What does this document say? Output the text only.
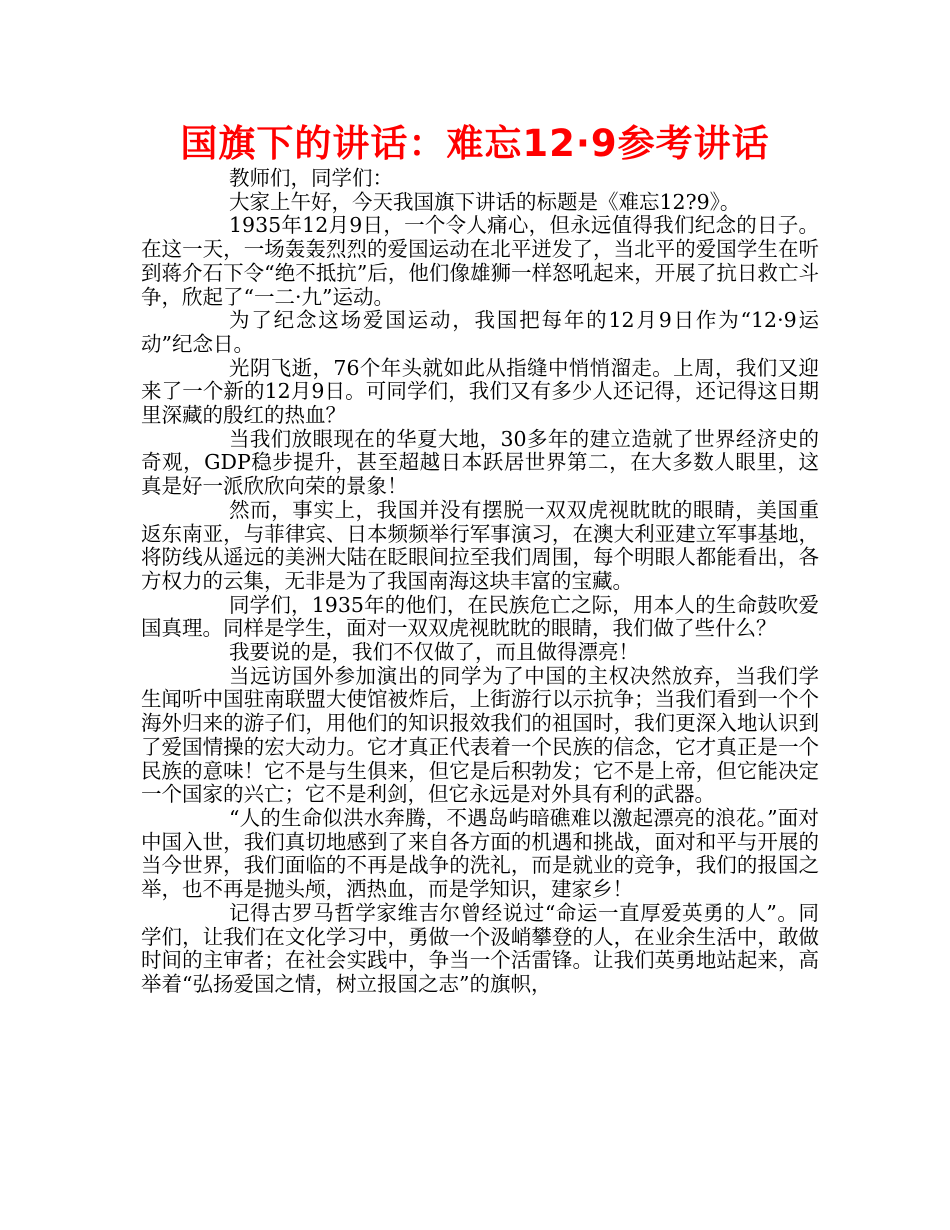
国旗下的讲话：难忘12·9参考讲话

教师们，同学们：

大家上午好，今天我国旗下讲话的标题是《难忘12?9》。

1935年12月9日，一个令人痛心，但永远值得我们纪念的日子。在这一天，一场轰轰烈烈的爱国运动在北平迸发了，当北平的爱国学生在听到蒋介石下令“绝不抵抗”后，他们像雄狮一样怒吼起来，开展了抗日救亡斗争，欣起了“一二·九”运动。

为了纪念这场爱国运动，我国把每年的12月9日作为“12·9运动”纪念日。

光阴飞逝，76个年头就如此从指缝中悄悄溜走。上周，我们又迎来了一个新的12月9日。可同学们，我们又有多少人还记得，还记得这日期里深藏的殷红的热血？

当我们放眼现在的华夏大地，30多年的建立造就了世界经济史的奇观，GDP稳步提升，甚至超越日本跃居世界第二，在大多数人眼里，这真是好一派欣欣向荣的景象！

然而，事实上，我国并没有摆脱一双双虎视眈眈的眼睛，美国重返东南亚，与菲律宾、日本频频举行军事演习，在澳大利亚建立军事基地，将防线从遥远的美洲大陆在眨眼间拉至我们周围，每个明眼人都能看出，各方权力的云集，无非是为了我国南海这块丰富的宝藏。

同学们，1935年的他们，在民族危亡之际，用本人的生命鼓吹爱国真理。同样是学生，面对一双双虎视眈眈的眼睛，我们做了些什么？

我要说的是，我们不仅做了，而且做得漂亮！

当远访国外参加演出的同学为了中国的主权决然放弃，当我们学生闻听中国驻南联盟大使馆被炸后，上街游行以示抗争；当我们看到一个个海外归来的游子们，用他们的知识报效我们的祖国时，我们更深入地认识到了爱国情操的宏大动力。它才真正代表着一个民族的信念，它才真正是一个民族的意味！它不是与生俱来，但它是后积勃发；它不是上帝，但它能决定一个国家的兴亡；它不是利剑，但它永远是对外具有利的武器。

“人的生命似洪水奔腾，不遇岛屿暗礁难以激起漂亮的浪花。”面对中国入世，我们真切地感到了来自各方面的机遇和挑战，面对和平与开展的当今世界，我们面临的不再是战争的洗礼，而是就业的竞争，我们的报国之举，也不再是抛头颅，洒热血，而是学知识，建家乡！

记得古罗马哲学家维吉尔曾经说过“命运一直厚爱英勇的人”。同学们，让我们在文化学习中，勇做一个汲峭攀登的人，在业余生活中，敢做时间的主审者；在社会实践中，争当一个活雷锋。让我们英勇地站起来，高举着“弘扬爱国之情，树立报国之志”的旗帜，
